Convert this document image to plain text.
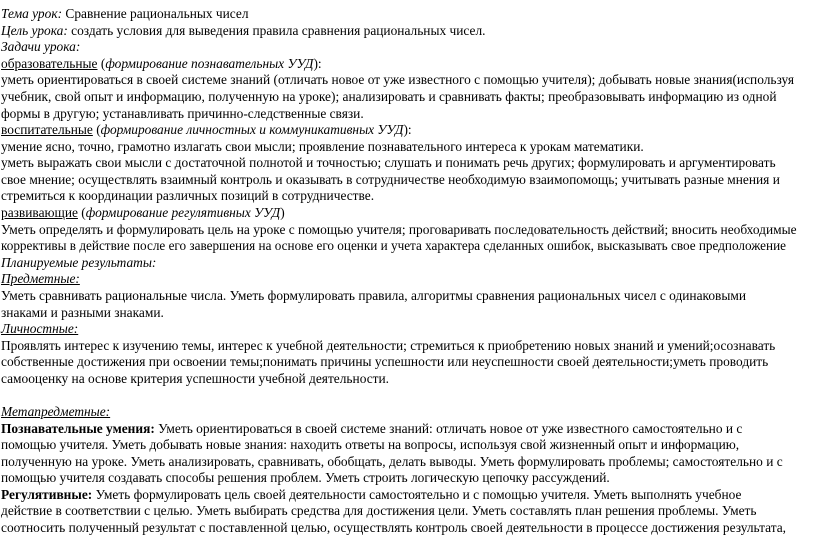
Тема урок: Сравнение рациональных чисел
Цель урока: создать условия для выведения правила сравнения рациональных чисел.
Задачи урока:
образовательные (формирование познавательных УУД):
уметь ориентироваться в своей системе знаний (отличать новое от уже известного с помощью учителя); добывать новые знания(используя
учебник, свой опыт и информацию, полученную на уроке); анализировать и сравнивать факты; преобразовывать информацию из одной
формы в другую; устанавливать причинно-следственные связи.
воспитательные (формирование личностных и коммуникативных УУД):
умение ясно, точно, грамотно излагать свои мысли; проявление познавательного интереса к урокам математики.
уметь выражать свои мысли с достаточной полнотой и точностью; слушать и понимать речь других; формулировать и аргументировать
свое мнение; осуществлять взаимный контроль и оказывать в сотрудничестве необходимую взаимопомощь; учитывать разные мнения и
стремиться к координации различных позиций в сотрудничестве.
развивающие (формирование регулятивных УУД)
Уметь определять и формулировать цель на уроке с помощью учителя; проговаривать последовательность действий; вносить необходимые
коррективы в действие после его завершения на основе его оценки и учета характера сделанных ошибок, высказывать свое предположение
Планируемые результаты:
Предметные:
Уметь сравнивать рациональные числа. Уметь формулировать правила, алгоритмы сравнения рациональных чисел с одинаковыми
знаками и разными знаками.
Личностные:
Проявлять интерес к изучению темы, интерес к учебной деятельности; стремиться к приобретению новых знаний и умений;осознавать
собственные достижения при освоении темы;понимать причины успешности или неуспешности своей деятельности;уметь проводить
самооценку на основе критерия успешности учебной деятельности.
Метапредметные:
Познавательные умения: Уметь ориентироваться в своей системе знаний: отличать новое от уже известного самостоятельно и с
помощью учителя. Уметь добывать новые знания: находить ответы на вопросы, используя свой жизненный опыт и информацию,
полученную на уроке. Уметь анализировать, сравнивать, обобщать, делать выводы. Уметь формулировать проблемы; самостоятельно и с
помощью учителя создавать способы решения проблем. Уметь строить логическую цепочку рассуждений.
Регулятивные: Уметь формулировать цель своей деятельности самостоятельно и с помощью учителя. Уметь выполнять учебное
действие в соответствии с целью. Уметь выбирать средства для достижения цели. Уметь составлять план решения проблемы. Уметь
соотносить полученный результат с поставленной целью, осуществлять контроль своей деятельности в процессе достижения результата,
